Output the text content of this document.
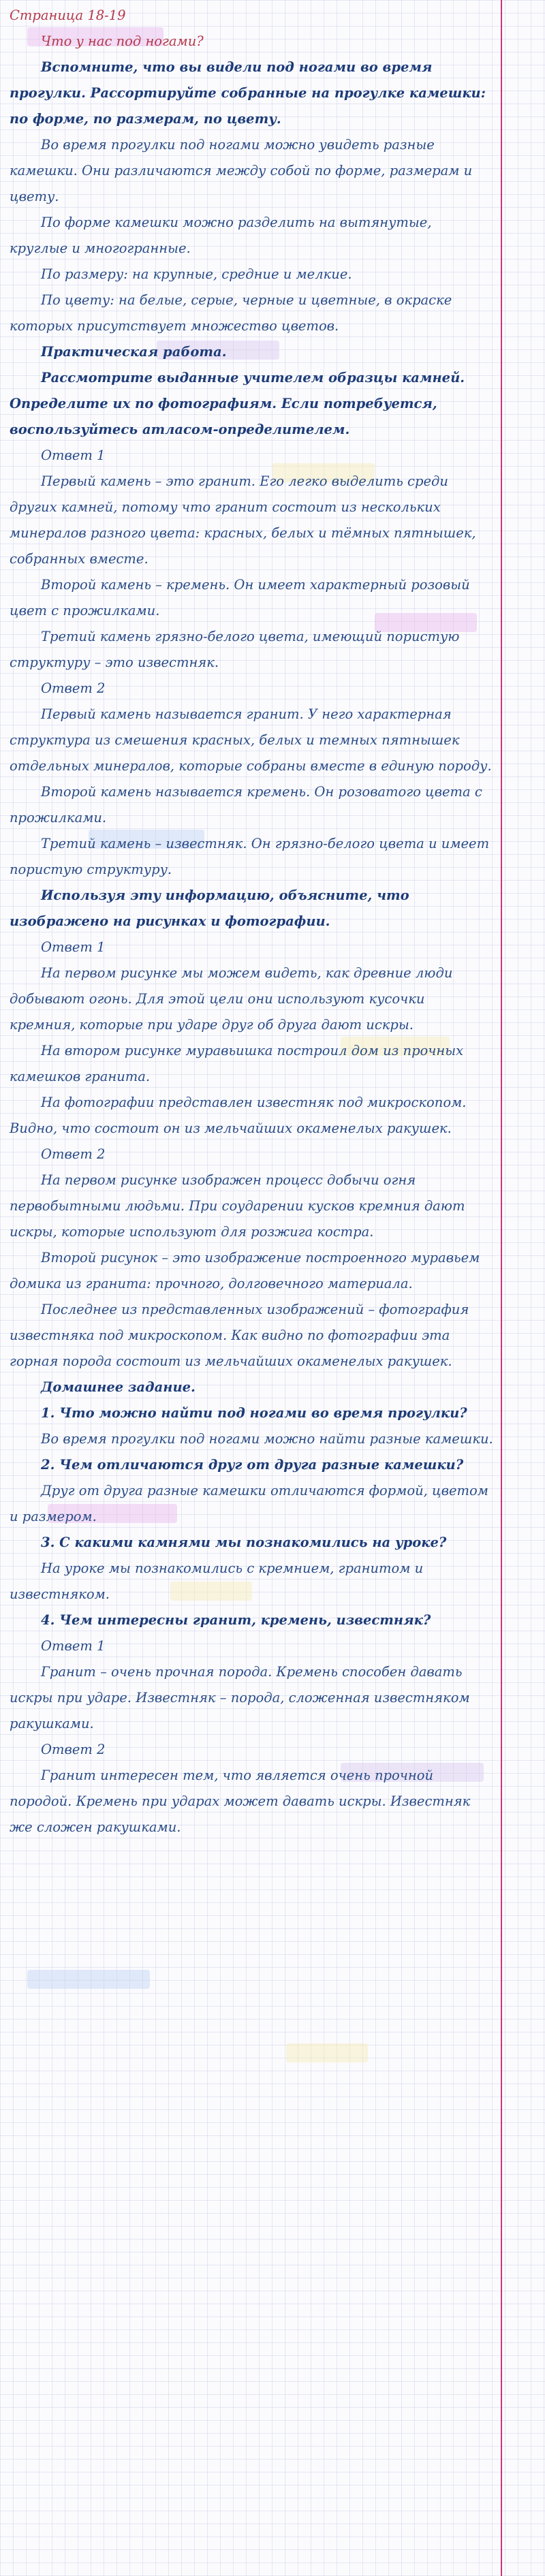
Страница 18-19
Что у нас под ногами?
Вспомните, что вы видели под ногами во время прогулки. Рассортируйте собранные на прогулке камешки: по форме, по размерам, по цвету.
Во время прогулки под ногами можно увидеть разные камешки. Они различаются между собой по форме, размерам и цвету.
По форме камешки можно разделить на вытянутые, круглые и многогранные.
По размеру: на крупные, средние и мелкие.
По цвету: на белые, серые, черные и цветные, в окраске которых присутствует множество цветов.
Практическая работа.
Рассмотрите выданные учителем образцы камней. Определите их по фотографиям. Если потребуется, воспользуйтесь атласом-определителем.
Ответ 1
Первый камень – это гранит. Его легко выделить среди других камней, потому что гранит состоит из нескольких минералов разного цвета: красных, белых и тёмных пятнышек, собранных вместе.
Второй камень – кремень. Он имеет характерный розовый цвет с прожилками.
Третий камень грязно-белого цвета, имеющий пористую структуру – это известняк.
Ответ 2
Первый камень называется гранит. У него характерная структура из смешения красных, белых и темных пятнышек отдельных минералов, которые собраны вместе в единую породу.
Второй камень называется кремень. Он розоватого цвета с прожилками.
Третий камень – известняк. Он грязно-белого цвета и имеет пористую структуру.
Используя эту информацию, объясните, что изображено на рисунках и фотографии.
Ответ 1
На первом рисунке мы можем видеть, как древние люди добывают огонь. Для этой цели они используют кусочки кремния, которые при ударе друг об друга дают искры.
На втором рисунке муравьишка построил дом из прочных камешков гранита.
На фотографии представлен известняк под микроскопом. Видно, что состоит он из мельчайших окаменелых ракушек.
Ответ 2
На первом рисунке изображен процесс добычи огня первобытными людьми. При соударении кусков кремния дают искры, которые используют для розжига костра.
Второй рисунок – это изображение построенного муравьем домика из гранита: прочного, долговечного материала.
Последнее из представленных изображений – фотография известняка под микроскопом. Как видно по фотографии эта горная порода состоит из мельчайших окаменелых ракушек.
Домашнее задание.
1. Что можно найти под ногами во время прогулки?
Во время прогулки под ногами можно найти разные камешки.
2. Чем отличаются друг от друга разные камешки?
Друг от друга разные камешки отличаются формой, цветом и размером.
3. С какими камнями мы познакомились на уроке?
На уроке мы познакомились с кремнием, гранитом и известняком.
4. Чем интересны гранит, кремень, известняк?
Ответ 1
Гранит – очень прочная порода. Кремень способен давать искры при ударе. Известняк – порода, сложенная известняком ракушками.
Ответ 2
Гранит интересен тем, что является очень прочной породой. Кремень при ударах может давать искры. Известняк же сложен ракушками.
